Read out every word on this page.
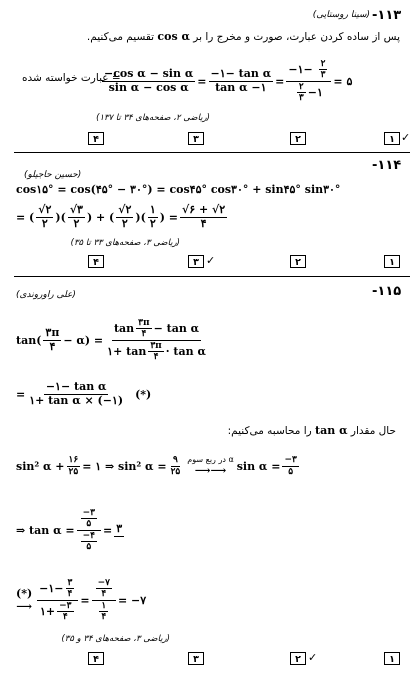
-۱۱۳
(سینا روستایی)
پس از ساده کردن عبارت، صورت و مخرج را بر cos α تقسیم می‌کنیم.
$\frac{\text{−cos α − sin α}}{\text{sin α − cos α}} = \frac{\text{−۱− tan α}}{\text{tan α −۱}} = \frac{-۱- \frac{۲}{۳}}{\frac{۲}{۳} -۱}$ = ۵
= عبارت خواسته شده
(ریاضی ۲، صفحه‌های ۳۴ تا ۱۳۷)
۴	۳	۲	۱ ✓
-۱۱۴
(حسین حاجیلو)
cos۱۵° = cos(۴۵° − ۳۰°) = cos۴۵° cos۳۰° + sin۴۵° sin۳۰°
= ( $\frac{√۲}{۲}$ )( $\frac{√۳}{۲}$ ) + ( $\frac{√۲}{۲}$ )( $\frac{۱}{۲}$ ) = $\frac{√۶ + √۲}{۴}$
(ریاضی ۳، صفحه‌های ۳۳ تا ۳۵)
۴	۳ ✓	۲	۱
-۱۱۵
(علی راوروندی)
$\tan( \frac{۳\pi}{۴} - \alpha) = \frac{\tan \frac{۳\pi}{۴} - \tan \alpha}{۱+ \tan \frac{۳\pi}{۴} \cdot \tan \alpha}$
= $\frac{\text{−۱− tan α}}{\text{۱+ tan α × (−۱)}}$ (*)
حال مقدار tan α را محاسبه می‌کنیم:
sin² $\alpha + \frac{۱۶}{۲۵}$ = ۱ ⇒ sin² $\alpha = \frac{۹}{۲۵}$ α در ربع سوم
⟶⟶ $\sin \alpha = \frac{-۳}{۵}$
⇒ $\tan \alpha = \frac{\frac{-۳}{۵}}{\frac{-۴}{۵}}$ = ۳
(*)
⟶ $\frac{-۱- \frac{۳}{۴}}{۱+ \frac{-۳}{۴}} = \frac{\frac{-۷}{۴}}{\frac{۱}{۴}}$ = −۷
(ریاضی ۳، صفحه‌های ۳۴ و ۳۵)
۴	۳	۲ ✓	۱
